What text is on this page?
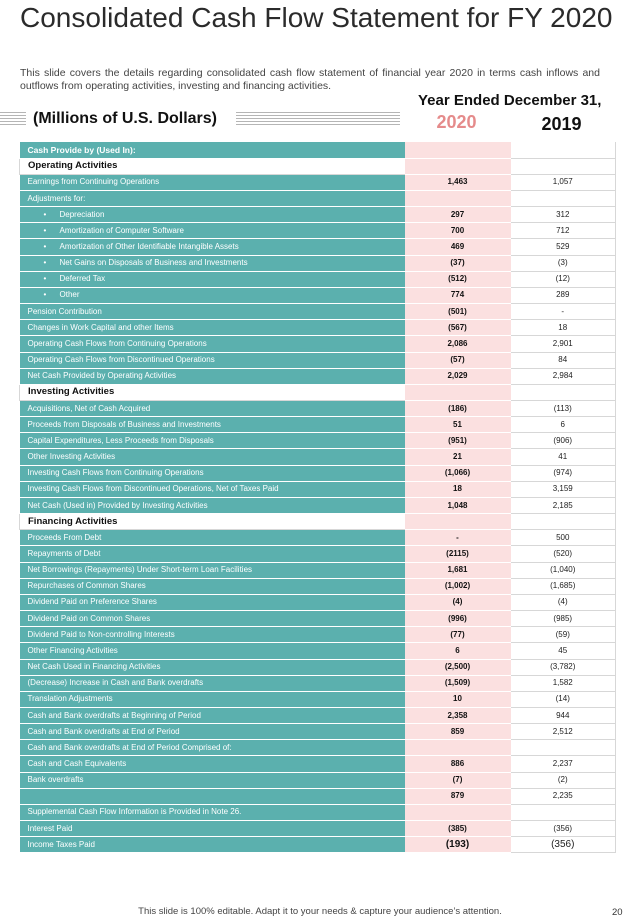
Consolidated Cash Flow Statement for FY 2020
This slide covers the details regarding consolidated cash flow statement of financial year 2020 in terms cash inflows and outflows from operating activities, investing and financing activities.
Year Ended December 31,
(Millions of U.S. Dollars)	2020	2019
Cash Provide by (Used In):		
Operating Activities		
Earnings from Continuing Operations	1,463	1,057
Adjustments for:		
• Depreciation	297	312
• Amortization of Computer Software	700	712
• Amortization of Other Identifiable Intangible Assets	469	529
• Net Gains on Disposals of Business and Investments	(37)	(3)
• Deferred Tax	(512)	(12)
• Other	774	289
Pension Contribution	(501)	-
Changes in Work Capital and other Items	(567)	18
Operating Cash Flows from Continuing Operations	2,086	2,901
Operating Cash Flows from Discontinued Operations	(57)	84
Net Cash Provided by Operating Activities	2,029	2,984
Investing Activities		
Acquisitions, Net of Cash Acquired	(186)	(113)
Proceeds from Disposals of Business and Investments	51	6
Capital Expenditures, Less Proceeds from Disposals	(951)	(906)
Other Investing Activities	21	41
Investing Cash Flows from Continuing Operations	(1,066)	(974)
Investing Cash Flows from Discontinued Operations, Net of Taxes Paid	18	3,159
Net Cash (Used in) Provided by Investing Activities	1,048	2,185
Financing Activities		
Proceeds From Debt	-	500
Repayments of Debt	(2115)	(520)
Net Borrowings (Repayments) Under Short-term Loan Facilities	1,681	(1,040)
Repurchases of Common Shares	(1,002)	(1,685)
Dividend Paid on Preference Shares	(4)	(4)
Dividend Paid on Common Shares	(996)	(985)
Dividend Paid to Non-controlling Interests	(77)	(59)
Other Financing Activities	6	45
Net Cash Used in Financing Activities	(2,500)	(3,782)
(Decrease) Increase in Cash and Bank overdrafts	(1,509)	1,582
Translation Adjustments	10	(14)
Cash and Bank overdrafts at Beginning of Period	2,358	944
Cash and Bank overdrafts at End of Period	859	2,512
Cash and Bank overdrafts at End of Period Comprised of:		
Cash and Cash Equivalents	886	2,237
Bank overdrafts	(7)	(2)
	879	2,235
Supplemental Cash Flow Information is Provided in Note 26.		
Interest Paid	(385)	(356)
Income Taxes Paid	(193)	(356)
This slide is 100% editable. Adapt it to your needs & capture your audience’s attention.	20
